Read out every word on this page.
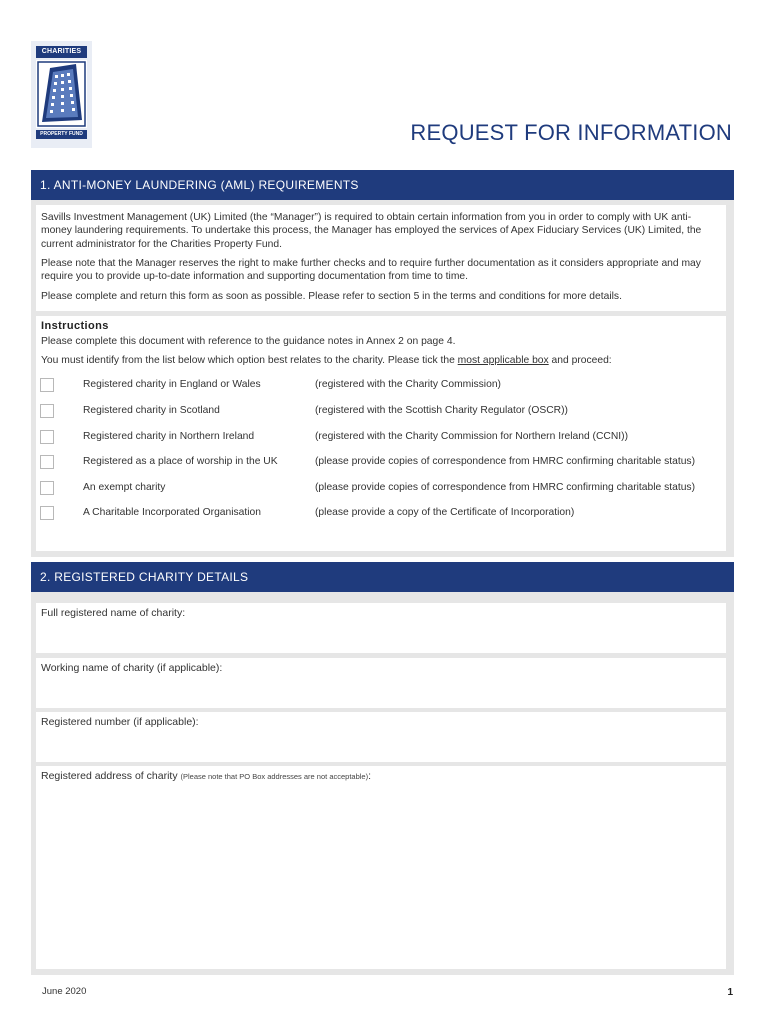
CHARITIES
PROPERTY FUND	REQUEST FOR INFORMATION
1. ANTI-MONEY LAUNDERING (AML) REQUIREMENTS
Savills Investment Management (UK) Limited (the “Manager”) is required to obtain certain information from you in order to comply with UK anti-money laundering requirements. To undertake this process, the Manager has employed the services of Apex Fiduciary Services (UK) Limited, the current administrator for the Charities Property Fund.
Please note that the Manager reserves the right to make further checks and to require further documentation as it considers appropriate and may require you to provide up-to-date information and supporting documentation from time to time.
Please complete and return this form as soon as possible. Please refer to section 5 in the terms and conditions for more details.
Instructions
Please complete this document with reference to the guidance notes in Annex 2 on page 4.
You must identify from the list below which option best relates to the charity. Please tick the most applicable box and proceed:
Registered charity in England or Wales	(registered with the Charity Commission)
Registered charity in Scotland	(registered with the Scottish Charity Regulator (OSCR))
Registered charity in Northern Ireland	(registered with the Charity Commission for Northern Ireland (CCNI))
Registered as a place of worship in the UK	(please provide copies of correspondence from HMRC confirming charitable status)
An exempt charity	(please provide copies of correspondence from HMRC confirming charitable status)
A Charitable Incorporated Organisation	(please provide a copy of the Certificate of Incorporation)
2. REGISTERED CHARITY DETAILS
Full registered name of charity:
Working name of charity (if applicable):
Registered number (if applicable):
Registered address of charity (Please note that PO Box addresses are not acceptable):
June 2020	1
